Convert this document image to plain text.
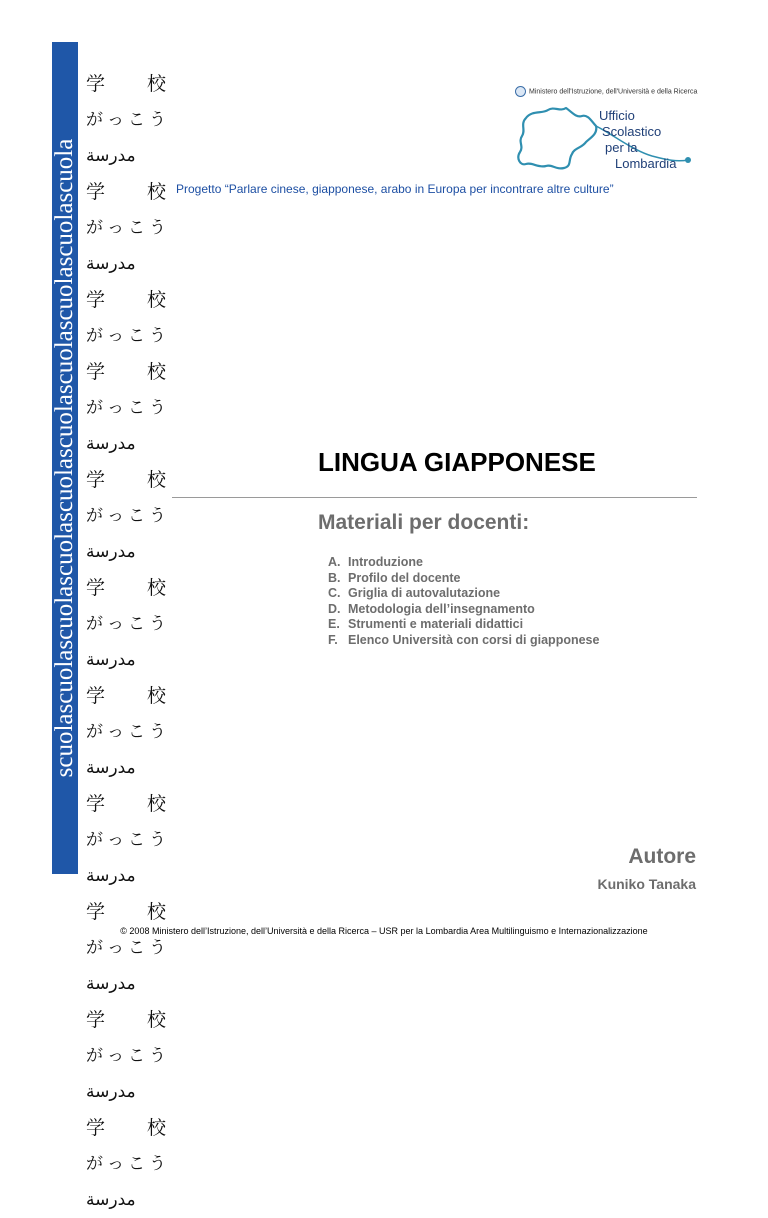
scuolascuolascuolascuolascuolascuolascuolascuolascuolascuola
学 校
がっこう
مدرسة
学 校
がっこう
مدرسة
学 校
がっこう
学 校
がっこう
مدرسة
学 校
がっこう
مدرسة
学 校
がっこう
مدرسة
学 校
がっこう
مدرسة
学 校
がっこう
مدرسة
学 校
がっこう
مدرسة
学 校
がっこう
مدرسة
学 校
がっこう
مدرسة
Ministero dell'Istruzione, dell'Università e della Ricerca
Ufficio
Scolastico
per la
Lombardia
Progetto “Parlare cinese, giapponese, arabo in Europa per incontrare altre culture”
LINGUA GIAPPONESE
Materiali per docenti:
A. Introduzione
B. Profilo del docente
C. Griglia di autovalutazione
D. Metodologia dell’insegnamento
E. Strumenti e materiali didattici
F. Elenco Università con corsi di giapponese
Autore
Kuniko Tanaka
© 2008 Ministero dell’Istruzione, dell’Università e della Ricerca – USR per la Lombardia Area Multilinguismo e Internazionalizzazione
